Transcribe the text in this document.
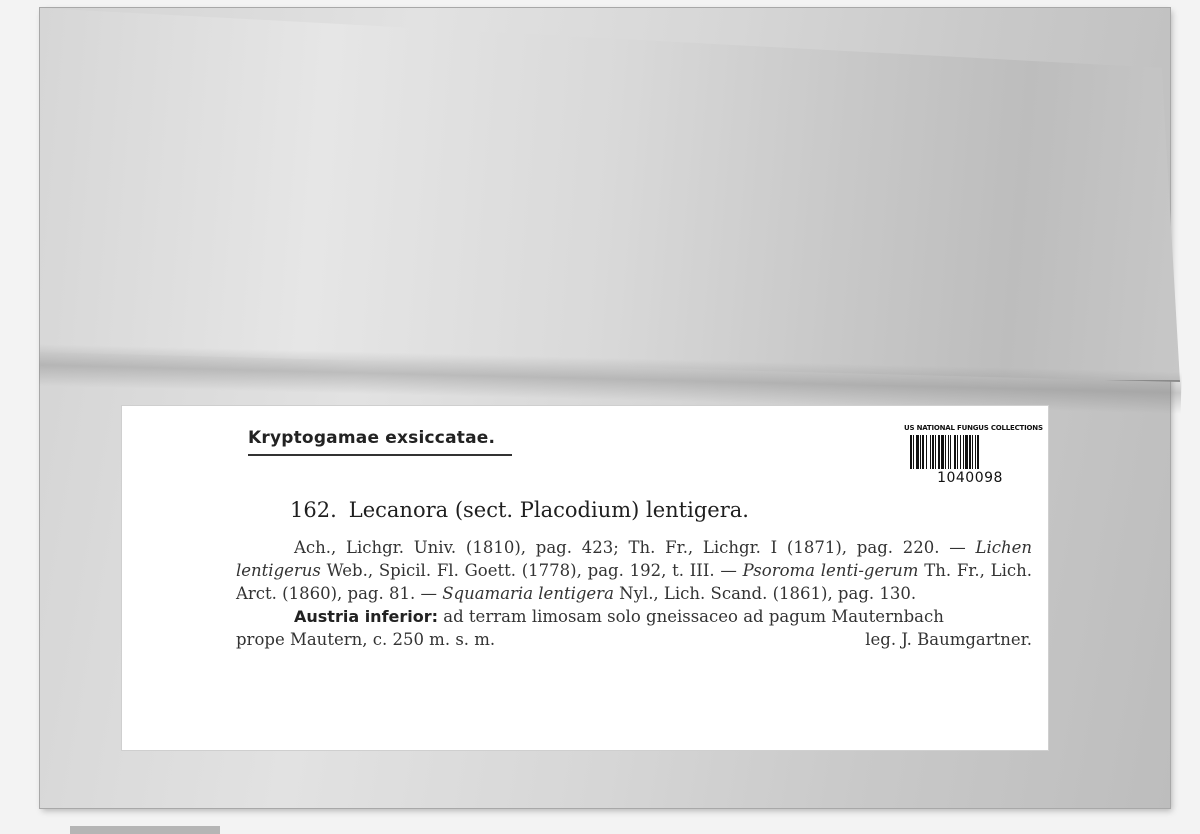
Kryptogamae exsiccatae.	US NATIONAL FUNGUS COLLECTIONS
1040098
162. Lecanora (sect. Placodium) lentigera.

Ach., Lichgr. Univ. (1810), pag. 423; Th. Fr., Lichgr. I (1871), pag. 220. — Lichen lentigerus Web., Spicil. Fl. Goett. (1778), pag. 192, t. III. — Psoroma lenti-gerum Th. Fr., Lich. Arct. (1860), pag. 81. — Squamaria lentigera Nyl., Lich. Scand. (1861), pag. 130.

Austria inferior: ad terram limosam solo gneissaceo ad pagum Mauternbach

prope Mautern, c. 250 m. s. m.	leg. J. Baumgartner.
